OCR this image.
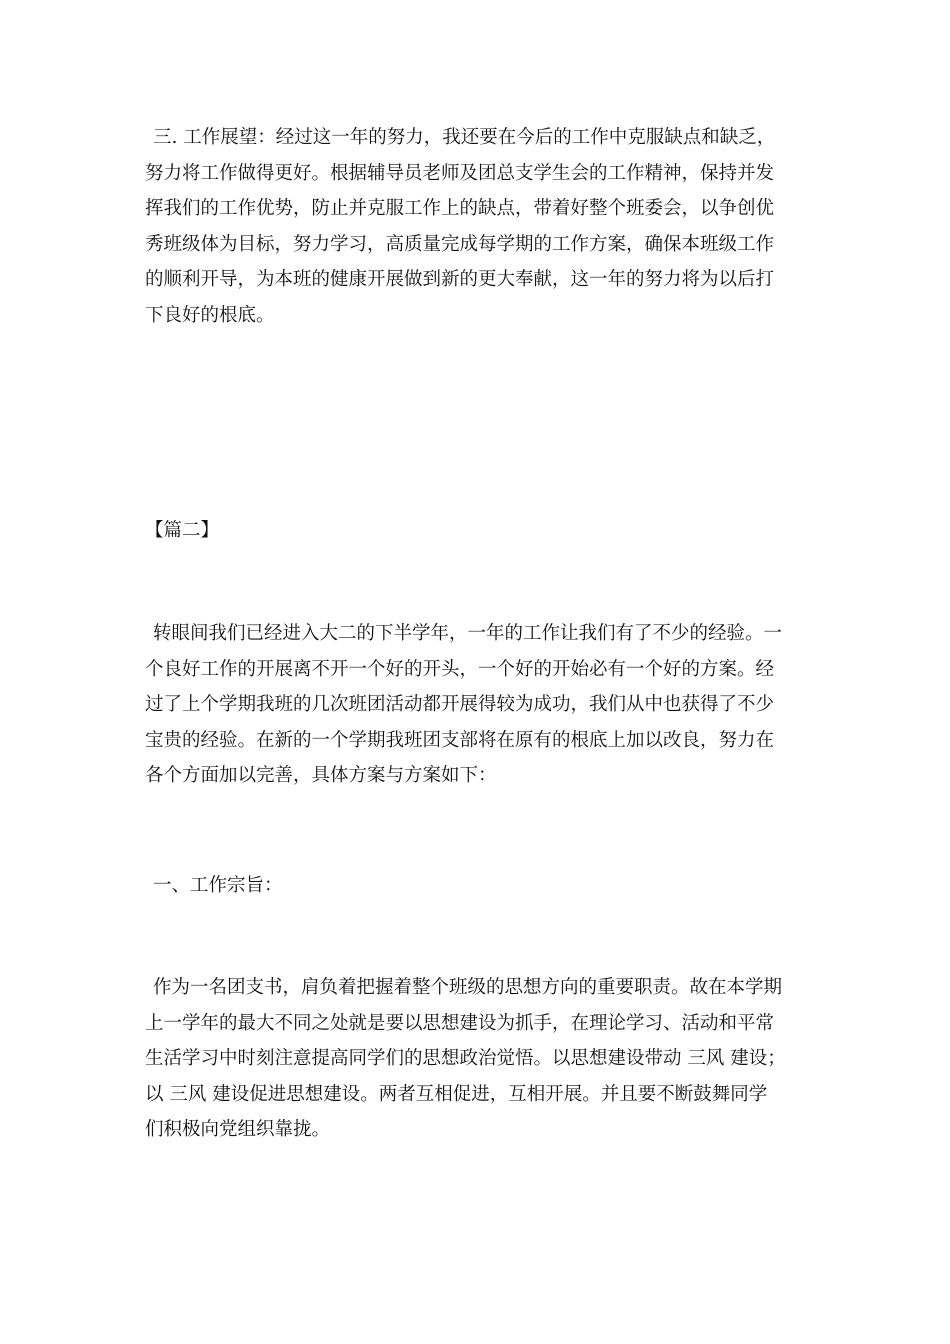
三. 工作展望：经过这一年的努力，我还要在今后的工作中克服缺点和缺乏，
努力将工作做得更好。根据辅导员老师及团总支学生会的工作精神，保持并发
挥我们的工作优势，防止并克服工作上的缺点，带着好整个班委会，以争创优
秀班级体为目标，努力学习，高质量完成每学期的工作方案，确保本班级工作
的顺利开导，为本班的健康开展做到新的更大奉献，这一年的努力将为以后打
下良好的根底。
【篇二】
转眼间我们已经进入大二的下半学年，一年的工作让我们有了不少的经验。一
个良好工作的开展离不开一个好的开头，一个好的开始必有一个好的方案。经
过了上个学期我班的几次班团活动都开展得较为成功，我们从中也获得了不少
宝贵的经验。在新的一个学期我班团支部将在原有的根底上加以改良，努力在
各个方面加以完善，具体方案与方案如下：
一、工作宗旨：
作为一名团支书，肩负着把握着整个班级的思想方向的重要职责。故在本学期
上一学年的最大不同之处就是要以思想建设为抓手，在理论学习、活动和平常
生活学习中时刻注意提高同学们的思想政治觉悟。以思想建设带动 三风 建设；
以 三风 建设促进思想建设。两者互相促进，互相开展。并且要不断鼓舞同学
们积极向党组织靠拢。
